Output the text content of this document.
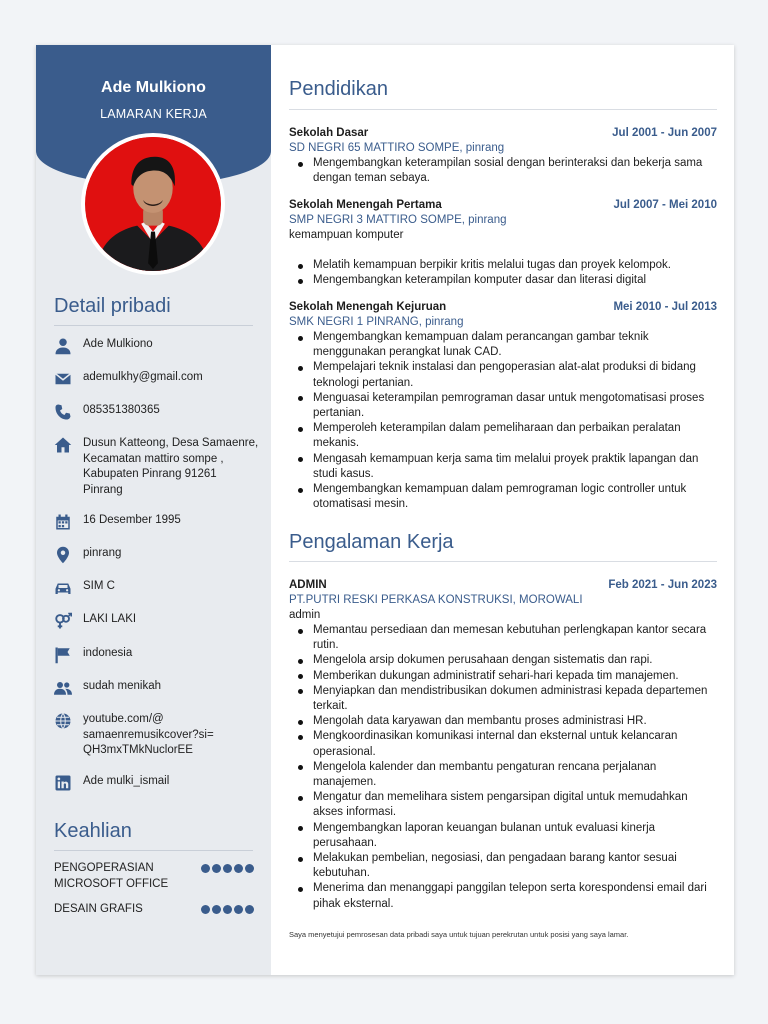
Ade Mulkiono
LAMARAN KERJA
Detail pribadi
Ade Mulkiono
ademulkhy@gmail.com
085351380365
Dusun Katteong, Desa Samaenre, Kecamatan mattiro sompe , Kabupaten Pinrang 91261 Pinrang
16 Desember 1995
pinrang
SIM C
LAKI LAKI
indonesia
sudah menikah
youtube.com/@ samaenremusikcover?si= QH3mxTMkNuclorEE
Ade mulki_ismail
Keahlian
PENGOPERASIAN MICROSOFT OFFICE
DESAIN GRAFIS
Pendidikan
Sekolah Dasar	Jul 2001 - Jun 2007
SD NEGRI 65 MATTIRO SOMPE, pinrang
Mengembangkan keterampilan sosial dengan berinteraksi dan bekerja sama dengan teman sebaya.
Sekolah Menengah Pertama	Jul 2007 - Mei 2010
SMP NEGRI 3 MATTIRO SOMPE, pinrang
kemampuan komputer
Melatih kemampuan berpikir kritis melalui tugas dan proyek kelompok.
Mengembangkan keterampilan komputer dasar dan literasi digital
Sekolah Menengah Kejuruan	Mei 2010 - Jul 2013
SMK NEGRI 1 PINRANG, pinrang
Mengembangkan kemampuan dalam perancangan gambar teknik menggunakan perangkat lunak CAD.
Mempelajari teknik instalasi dan pengoperasian alat-alat produksi di bidang teknologi pertanian.
Menguasai keterampilan pemrograman dasar untuk mengotomatisasi proses pertanian.
Memperoleh keterampilan dalam pemeliharaan dan perbaikan peralatan mekanis.
Mengasah kemampuan kerja sama tim melalui proyek praktik lapangan dan studi kasus.
Mengembangkan kemampuan dalam pemrograman logic controller untuk otomatisasi mesin.
Pengalaman Kerja
ADMIN	Feb 2021 - Jun 2023
PT.PUTRI RESKI PERKASA KONSTRUKSI, MOROWALI
admin
Memantau persediaan dan memesan kebutuhan perlengkapan kantor secara rutin.
Mengelola arsip dokumen perusahaan dengan sistematis dan rapi.
Memberikan dukungan administratif sehari-hari kepada tim manajemen.
Menyiapkan dan mendistribusikan dokumen administrasi kepada departemen terkait.
Mengolah data karyawan dan membantu proses administrasi HR.
Mengkoordinasikan komunikasi internal dan eksternal untuk kelancaran operasional.
Mengelola kalender dan membantu pengaturan rencana perjalanan manajemen.
Mengatur dan memelihara sistem pengarsipan digital untuk memudahkan akses informasi.
Mengembangkan laporan keuangan bulanan untuk evaluasi kinerja perusahaan.
Melakukan pembelian, negosiasi, dan pengadaan barang kantor sesuai kebutuhan.
Menerima dan menanggapi panggilan telepon serta korespondensi email dari pihak eksternal.
Saya menyetujui pemrosesan data pribadi saya untuk tujuan perekrutan untuk posisi yang saya lamar.
